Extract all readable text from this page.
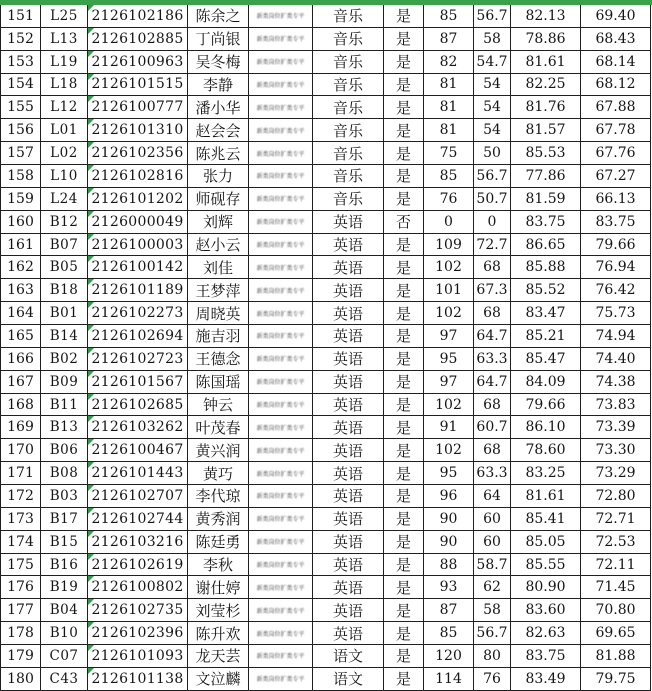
151	L25	2126102186	陈余之	新类岗位扩类专平	音乐	是	85	56.7	82.13	69.40
152	L13	2126102885	丁尚银	新类岗位扩类专平	音乐	是	87	58	78.86	68.43
153	L19	2126100963	吴冬梅	新类岗位扩类专平	音乐	是	82	54.7	81.61	68.14
154	L18	2126101515	李静	新类岗位扩类专平	音乐	是	81	54	82.25	68.12
155	L12	2126100777	潘小华	新类岗位扩类专平	音乐	是	81	54	81.76	67.88
156	L01	2126101310	赵会会	新类岗位扩类专平	音乐	是	81	54	81.57	67.78
157	L02	2126102356	陈兆云	新类岗位扩类专平	音乐	是	75	50	85.53	67.76
158	L10	2126102816	张力	新类岗位扩类专平	音乐	是	85	56.7	77.86	67.27
159	L24	2126101202	师砚存	新类岗位扩类专平	音乐	是	76	50.7	81.59	66.13
160	B12	2126000049	刘辉	新类岗位扩类专平	英语	否	0	0	83.75	83.75
161	B07	2126100003	赵小云	新类岗位扩类专平	英语	是	109	72.7	86.65	79.66
162	B05	2126100142	刘佳	新类岗位扩类专平	英语	是	102	68	85.88	76.94
163	B18	2126101189	王梦萍	新类岗位扩类专平	英语	是	101	67.3	85.52	76.42
164	B01	2126102273	周晓英	新类岗位扩类专平	英语	是	102	68	83.47	75.73
165	B14	2126102694	施吉羽	新类岗位扩类专平	英语	是	97	64.7	85.21	74.94
166	B02	2126102723	王德念	新类岗位扩类专平	英语	是	95	63.3	85.47	74.40
167	B09	2126101567	陈国瑶	新类岗位扩类专平	英语	是	97	64.7	84.09	74.38
168	B11	2126102685	钟云	新类岗位扩类专平	英语	是	102	68	79.66	73.83
169	B13	2126103262	叶茂春	新类岗位扩类专平	英语	是	91	60.7	86.10	73.39
170	B06	2126100467	黄兴润	新类岗位扩类专平	英语	是	102	68	78.60	73.30
171	B08	2126101443	黄巧	新类岗位扩类专平	英语	是	95	63.3	83.25	73.29
172	B03	2126102707	李代琼	新类岗位扩类专平	英语	是	96	64	81.61	72.80
173	B17	2126102744	黄秀润	新类岗位扩类专平	英语	是	90	60	85.41	72.71
174	B15	2126103216	陈廷勇	新类岗位扩类专平	英语	是	90	60	85.05	72.53
175	B16	2126102619	李秋	新类岗位扩类专平	英语	是	88	58.7	85.55	72.11
176	B19	2126100802	谢仕婷	新类岗位扩类专平	英语	是	93	62	80.90	71.45
177	B04	2126102735	刘莹杉	新类岗位扩类专平	英语	是	87	58	83.60	70.80
178	B10	2126102396	陈升欢	新类岗位扩类专平	英语	是	85	56.7	82.63	69.65
179	C07	2126101093	龙天芸	新类岗位扩类专平	语文	是	120	80	83.75	81.88
180	C43	2126101138	文泣麟	新类岗位扩类专平	语文	是	114	76	83.49	79.75
